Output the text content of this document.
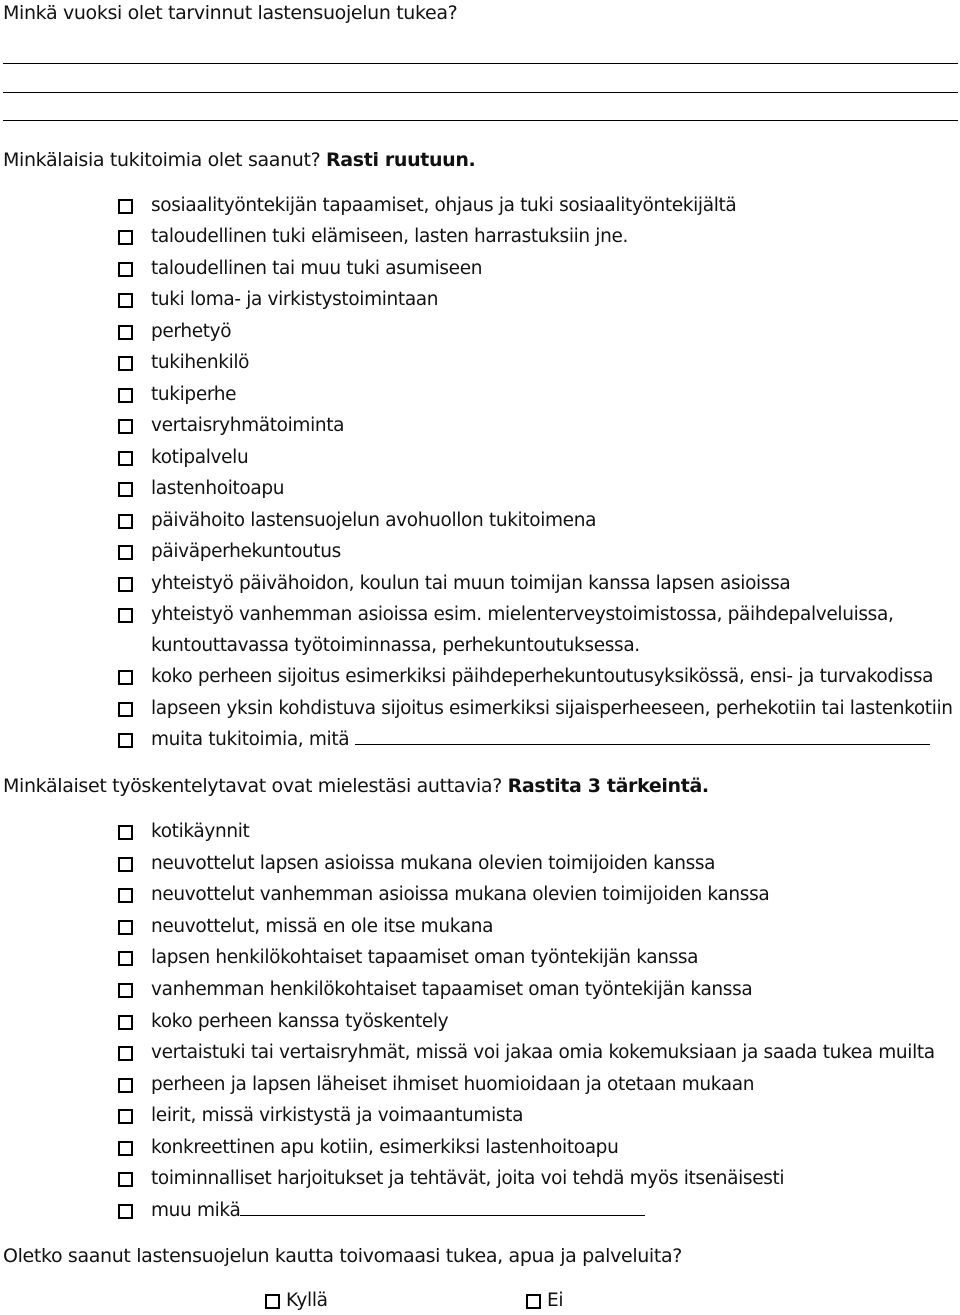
Minkä vuoksi olet tarvinnut lastensuojelun tukea?
Minkälaisia tukitoimia olet saanut? Rasti ruutuun.
sosiaalityöntekijän tapaamiset, ohjaus ja tuki sosiaalityöntekijältä
taloudellinen tuki elämiseen, lasten harrastuksiin jne.
taloudellinen tai muu tuki asumiseen
tuki loma- ja virkistystoimintaan
perhetyö
tukihenkilö
tukiperhe
vertaisryhmätoiminta
kotipalvelu
lastenhoitoapu
päivähoito lastensuojelun avohuollon tukitoimena
päiväperhekuntoutus
yhteistyö päivähoidon, koulun tai muun toimijan kanssa lapsen asioissa
yhteistyö vanhemman asioissa esim. mielenterveystoimistossa, päihdepalveluissa,
kuntouttavassa työtoiminnassa, perhekuntoutuksessa.
koko perheen sijoitus esimerkiksi päihdeperhekuntoutusyksikössä, ensi- ja turvakodissa
lapseen yksin kohdistuva sijoitus esimerkiksi sijaisperheeseen, perhekotiin tai lastenkotiin
muita tukitoimia, mitä
Minkälaiset työskentelytavat ovat mielestäsi auttavia? Rastita 3 tärkeintä.
kotikäynnit
neuvottelut lapsen asioissa mukana olevien toimijoiden kanssa
neuvottelut vanhemman asioissa mukana olevien toimijoiden kanssa
neuvottelut, missä en ole itse mukana
lapsen henkilökohtaiset tapaamiset oman työntekijän kanssa
vanhemman henkilökohtaiset tapaamiset oman työntekijän kanssa
koko perheen kanssa työskentely
vertaistuki tai vertaisryhmät, missä voi jakaa omia kokemuksiaan ja saada tukea muilta
perheen ja lapsen läheiset ihmiset huomioidaan ja otetaan mukaan
leirit, missä virkistystä ja voimaantumista
konkreettinen apu kotiin, esimerkiksi lastenhoitoapu
toiminnalliset harjoitukset ja tehtävät, joita voi tehdä myös itsenäisesti
muu mikä
Oletko saanut lastensuojelun kautta toivomaasi tukea, apua ja palveluita?
Kyllä	Ei
